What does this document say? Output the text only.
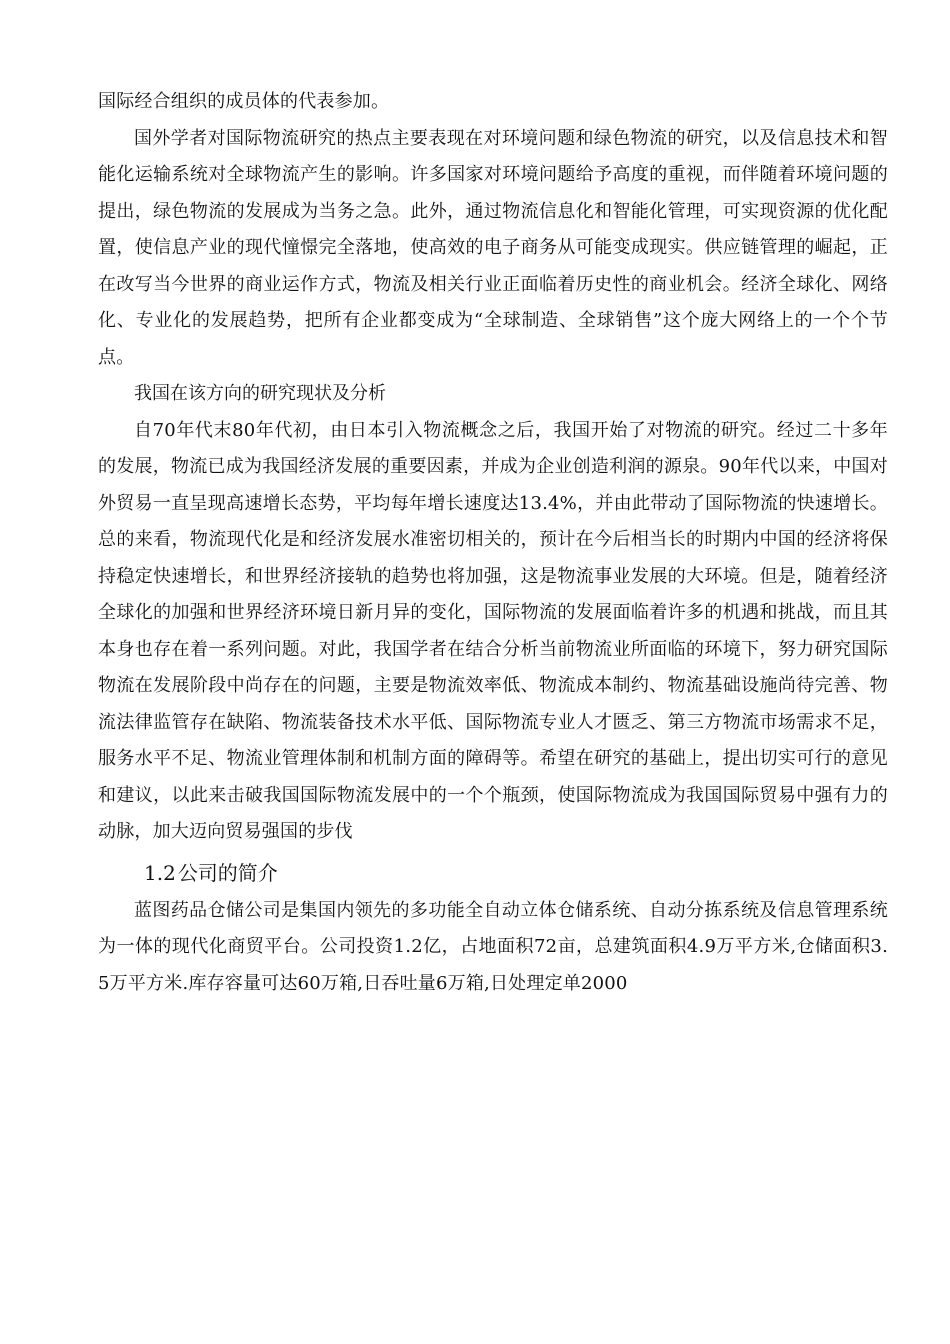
国际经合组织的成员体的代表参加。

国外学者对国际物流研究的热点主要表现在对环境问题和绿色物流的研究，以及信息技术和智能化运输系统对全球物流产生的影响。许多国家对环境问题给予高度的重视，而伴随着环境问题的提出，绿色物流的发展成为当务之急。此外，通过物流信息化和智能化管理，可实现资源的优化配置，使信息产业的现代憧憬完全落地，使高效的电子商务从可能变成现实。供应链管理的崛起，正在改写当今世界的商业运作方式，物流及相关行业正面临着历史性的商业机会。经济全球化、网络化、专业化的发展趋势，把所有企业都变成为“全球制造、全球销售”这个庞大网络上的一个个节点。

我国在该方向的研究现状及分析

自70年代末80年代初，由日本引入物流概念之后，我国开始了对物流的研究。经过二十多年的发展，物流已成为我国经济发展的重要因素，并成为企业创造利润的源泉。90年代以来，中国对外贸易一直呈现高速增长态势，平均每年增长速度达13.4%，并由此带动了国际物流的快速增长。总的来看，物流现代化是和经济发展水准密切相关的，预计在今后相当长的时期内中国的经济将保持稳定快速增长，和世界经济接轨的趋势也将加强，这是物流事业发展的大环境。但是，随着经济全球化的加强和世界经济环境日新月异的变化，国际物流的发展面临着许多的机遇和挑战，而且其本身也存在着一系列问题。对此，我国学者在结合分析当前物流业所面临的环境下，努力研究国际物流在发展阶段中尚存在的问题，主要是物流效率低、物流成本制约、物流基础设施尚待完善、物流法律监管存在缺陷、物流装备技术水平低、国际物流专业人才匮乏、第三方物流市场需求不足，服务水平不足、物流业管理体制和机制方面的障碍等。希望在研究的基础上，提出切实可行的意见和建议，以此来击破我国国际物流发展中的一个个瓶颈，使国际物流成为我国国际贸易中强有力的动脉，加大迈向贸易强国的步伐

1.2 公司的简介

蓝图药品仓储公司是集国内领先的多功能全自动立体仓储系统、自动分拣系统及信息管理系统为一体的现代化商贸平台。公司投资1.2亿，占地面积72亩，总建筑面积4.9万平方米,仓储面积3.5万平方米.库存容量可达60万箱,日吞吐量6万箱,日处理定单2000
